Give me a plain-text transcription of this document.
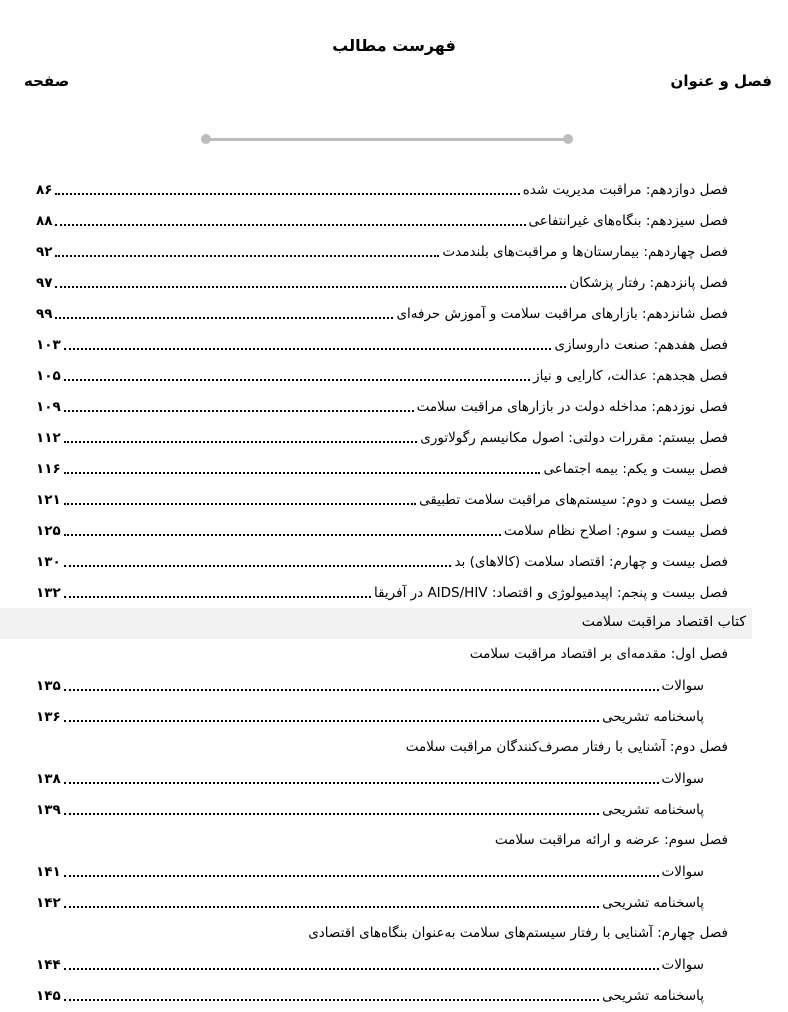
فهرست مطالب
فصل و عنوان
صفحه
فصل دوازدهم: مراقبت مدیریت شده
۸۶
فصل سیزدهم: بنگاه‌های غیرانتفاعی
۸۸
فصل چهاردهم: بیمارستان‌ها و مراقبت‌های بلندمدت
۹۲
فصل پانزدهم: رفتار پزشکان
۹۷
فصل شانزدهم: بازارهای مراقبت سلامت و آموزش حرفه‌ای
۹۹
فصل هفدهم: صنعت داروسازی
۱۰۳
فصل هجدهم: عدالت، کارایی و نیاز
۱۰۵
فصل نوزدهم: مداخله دولت در بازارهای مراقبت سلامت
۱۰۹
فصل بیستم: مقررات دولتی: اصول مکانیسم رگولاتوری
۱۱۲
فصل بیست و یکم: بیمه اجتماعی
۱۱۶
فصل بیست و دوم: سیستم‌های مراقبت سلامت تطبیقی
۱۲۱
فصل بیست و سوم: اصلاح نظام سلامت
۱۲۵
فصل بیست و چهارم: اقتصاد سلامت (کالاهای) بد
۱۳۰
فصل بیست و پنجم: اپیدمیولوژی و اقتصاد: AIDS/HIV در آفریقا
۱۳۲
کتاب اقتصاد مراقبت سلامت
فصل اول: مقدمه‌ای بر اقتصاد مراقبت سلامت
سوالات
۱۳۵
پاسخنامه تشریحی
۱۳۶
فصل دوم: آشنایی با رفتار مصرف‌کنندگان مراقبت سلامت
سوالات
۱۳۸
پاسخنامه تشریحی
۱۳۹
فصل سوم: عرضه و ارائه مراقبت سلامت
سوالات
۱۴۱
پاسخنامه تشریحی
۱۴۲
فصل چهارم: آشنایی با رفتار سیستم‌های سلامت به‌عنوان بنگاه‌های اقتصادی
سوالات
۱۴۴
پاسخنامه تشریحی
۱۴۵
